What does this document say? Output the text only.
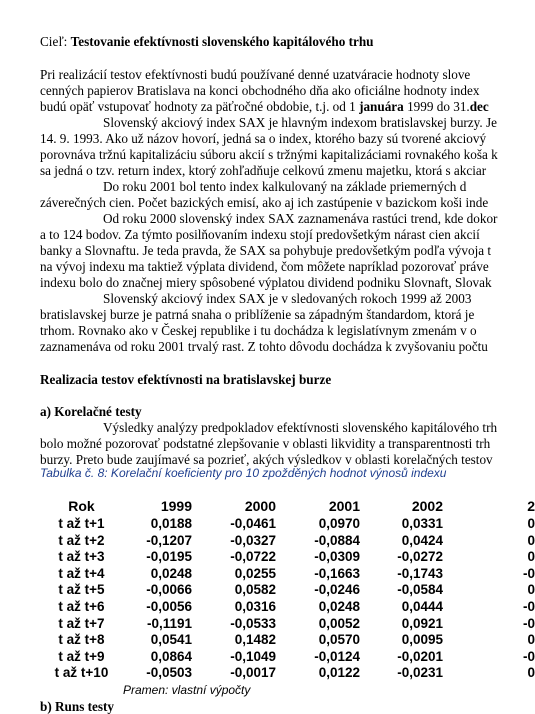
Cieľ: Testovanie efektívnosti slovenského kapitálového trhu
Pri realizácií testov efektívnosti budú používané denné uzatváracie hodnoty slove
cenných papierov Bratislava na konci obchodného dňa ako oficiálne hodnoty index
budú opäť vstupovať hodnoty za päťročné obdobie, t.j. od 1 januára 1999 do 31.dec
Slovenský akciový index SAX je hlavným indexom bratislavskej burzy. Je
14. 9. 1993. Ako už názov hovorí, jedná sa o index, ktorého bazy sú tvorené akciový
porovnáva tržnú kapitalizáciu súboru akcií s tržnými kapitalizáciami rovnakého koša k
sa jedná o tzv. return index, ktorý zohľadňuje celkovú zmenu majetku, ktorá s akciar
Do roku 2001 bol tento index kalkulovaný na základe priemerných d
záverečných cien. Počet bazických emisí, ako aj ich zastúpenie v bazickom koši inde
Od roku 2000 slovenský index SAX zaznamenáva rastúci trend, kde dokor
a to 124 bodov. Za týmto posilňovaním indexu stojí predovšetkým nárast cien akcií
banky a Slovnaftu. Je teda pravda, že SAX sa pohybuje predovšetkým podľa vývoja t
na vývoj indexu ma taktiež výplata dividend, čom môžete napríklad pozorovať práve
indexu bolo do značnej miery spôsobené výplatou dividend podniku Slovnaft, Slovak
Slovenský akciový index SAX je v sledovaných rokoch 1999 až 2003
bratislavskej burze je patrná snaha o priblíženie sa západným štandardom, ktorá je
trhom. Rovnako ako v Českej republike i tu dochádza k legislatívnym zmenám v o
zaznamenáva od roku 2001 trvalý rast. Z tohto dôvodu dochádza k zvyšovaniu počtu
Realizacia testov efektívnosti na bratislavskej burze
a) Korelačné testy
Výsledky analýzy predpokladov efektívnosti slovenského kapitálového trh
bolo možné pozorovať podstatné zlepšovanie v oblasti likvidity a transparentnosti trh
burzy. Preto bude zaujímavé sa pozrieť, akých výsledkov v oblasti korelačných testov
Tabulka č. 8: Korelační koeficienty pro 10 zpožděných hodnot výnosů indexu
Rok	1999	2000	2001	2002	2
t až t+1	0,0188	-0,0461	0,0970	0,0331	0
t až t+2	-0,1207	-0,0327	-0,0884	0,0424	0
t až t+3	-0,0195	-0,0722	-0,0309	-0,0272	0
t až t+4	0,0248	0,0255	-0,1663	-0,1743	-0
t až t+5	-0,0066	0,0582	-0,0246	-0,0584	0
t až t+6	-0,0056	0,0316	0,0248	0,0444	-0
t až t+7	-0,1191	-0,0533	0,0052	0,0921	-0
t až t+8	0,0541	0,1482	0,0570	0,0095	0
t až t+9	0,0864	-0,1049	-0,0124	-0,0201	-0
t až t+10	-0,0503	-0,0017	0,0122	-0,0231	0
Pramen: vlastní výpočty
b) Runs testy
